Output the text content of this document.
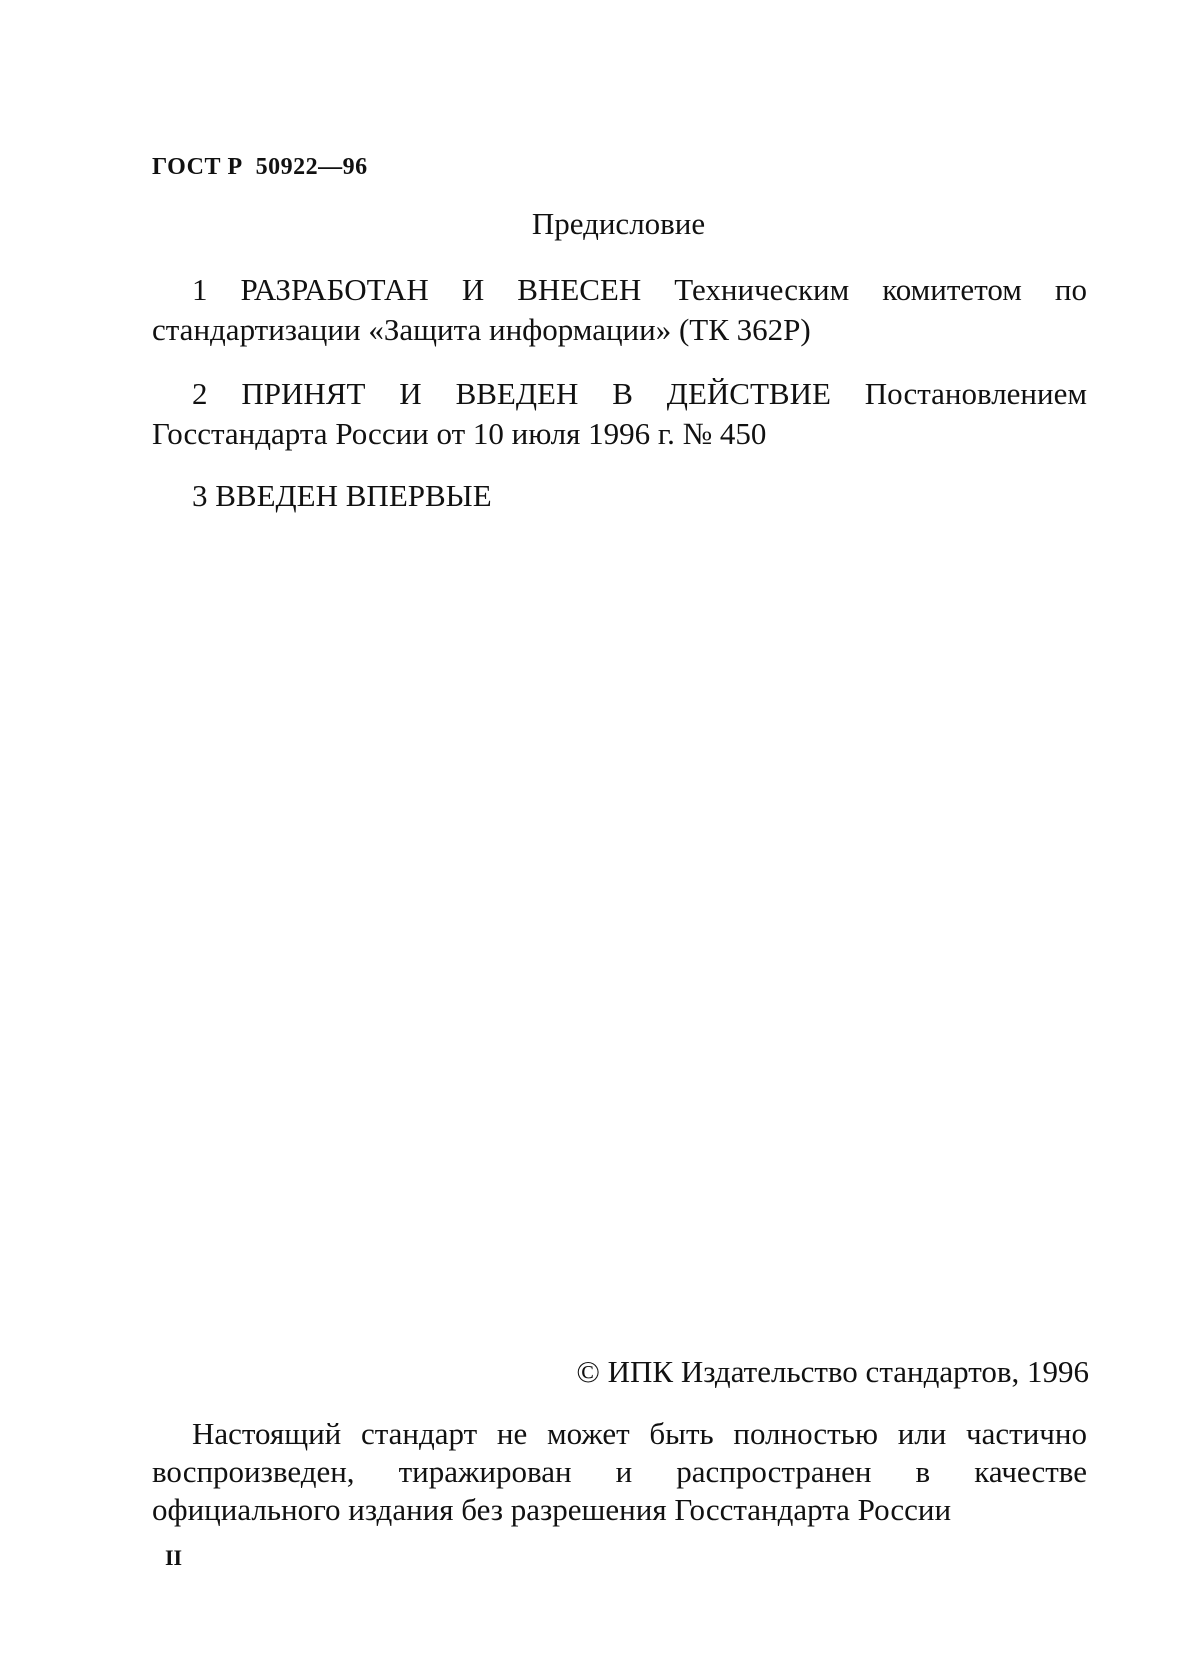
ГОСТ Р  50922—96
Предисловие
1 РАЗРАБОТАН И ВНЕСЕН Техническим комитетом по стандартизации «Защита информации» (ТК 362Р)
2 ПРИНЯТ И ВВЕДЕН В ДЕЙСТВИЕ Постановлением Госстандарта России от 10 июля 1996 г. № 450
3 ВВЕДЕН ВПЕРВЫЕ
© ИПК Издательство стандартов, 1996
Настоящий стандарт не может быть полностью или частично воспроизведен, тиражирован и распространен в качестве официального издания без разрешения Госстандарта России
II
